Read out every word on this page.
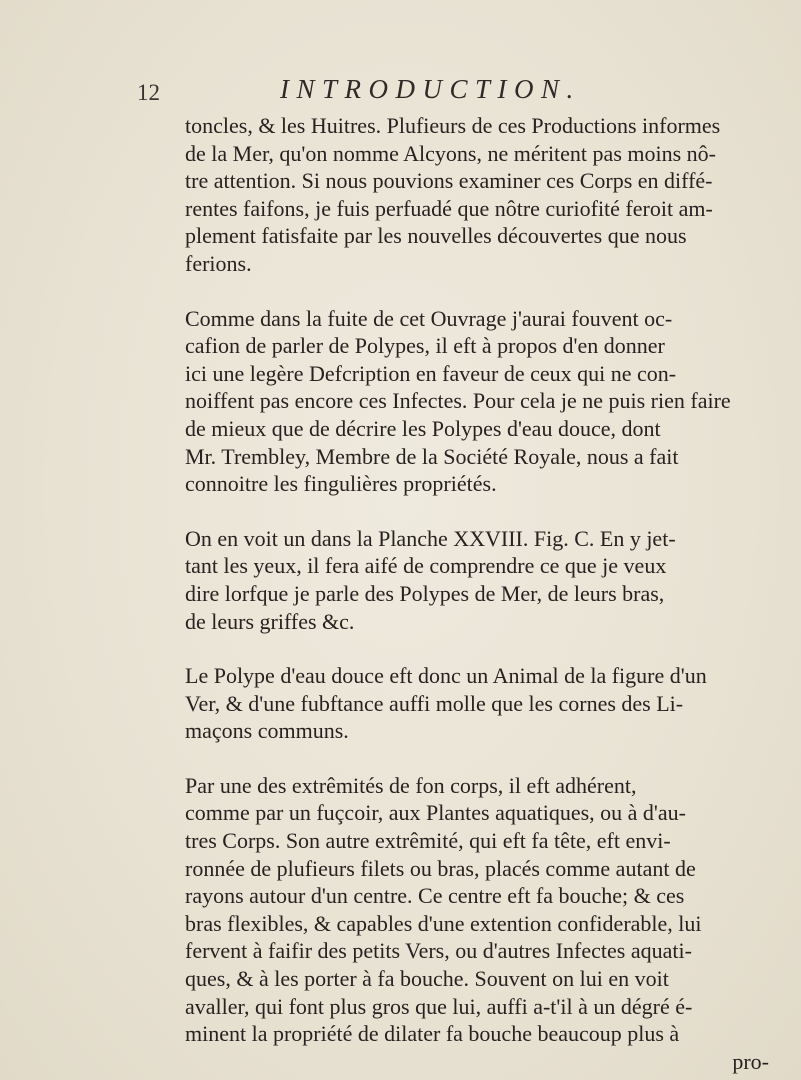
12	INTRODUCTION.
toncles, & les Huitres. Plufieurs de ces Productions informes
de la Mer, qu'on nomme Alcyons, ne méritent pas moins nô-
tre attention. Si nous pouvions examiner ces Corps en diffé-
rentes faifons, je fuis perfuadé que nôtre curiofité feroit am-
plement fatisfaite par les nouvelles découvertes que nous
ferions.
Comme dans la fuite de cet Ouvrage j'aurai fouvent oc-
cafion de parler de Polypes, il eft à propos d'en donner
ici une legère Defcription en faveur de ceux qui ne con-
noiffent pas encore ces Infectes. Pour cela je ne puis rien faire
de mieux que de décrire les Polypes d'eau douce, dont
Mr. Trembley, Membre de la Société Royale, nous a fait
connoitre les fingulières propriétés.
On en voit un dans la Planche XXVIII. Fig. C. En y jet-
tant les yeux, il fera aifé de comprendre ce que je veux
dire lorfque je parle des Polypes de Mer, de leurs bras,
de leurs griffes &c.
Le Polype d'eau douce eft donc un Animal de la figure d'un
Ver, & d'une fubftance auffi molle que les cornes des Li-
maçons communs.
Par une des extrêmités de fon corps, il eft adhérent,
comme par un fuçcoir, aux Plantes aquatiques, ou à d'au-
tres Corps. Son autre extrêmité, qui eft fa tête, eft envi-
ronnée de plufieurs filets ou bras, placés comme autant de
rayons autour d'un centre. Ce centre eft fa bouche; & ces
bras flexibles, & capables d'une extention confiderable, lui
fervent à faifir des petits Vers, ou d'autres Infectes aquati-
ques, & à les porter à fa bouche. Souvent on lui en voit
avaller, qui font plus gros que lui, auffi a-t'il à un dégré é-
minent la propriété de dilater fa bouche beaucoup plus à
pro-
